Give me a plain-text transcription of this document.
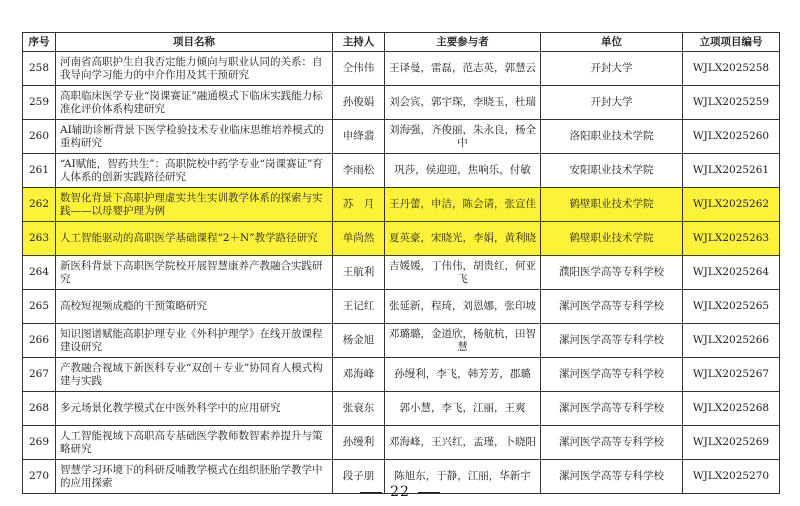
序号	项目名称	主持人	主要参与者	单位	立项项目编号
258	河南省高职护生自我否定能力倾向与职业认同的关系：自我导向学习能力的中介作用及其干预研究	仝伟伟	王译曼，雷磊，范志英，郭慧云	开封大学	WJLX2025258
259	高职临床医学专业“岗课赛证”融通模式下临床实践能力标准化评价体系构建研究	孙俊娟	刘会宾，郭宇琛，李晓玉，杜瑞	开封大学	WJLX2025259
260	AI辅助诊断背景下医学检验技术专业临床思维培养模式的重构研究	申绛翡	刘海强，齐俊丽，朱永良，杨全中	洛阳职业技术学院	WJLX2025260
261	“AI赋能，智药共生”：高职院校中药学专业“岗课赛证”育人体系的创新实践路径研究	李雨松	巩莎，侯迎迎，焦响乐，付敏	安阳职业技术学院	WJLX2025261
262	数智化背景下高职护理虚实共生实训教学体系的探索与实践——以母婴护理为例	苏　月	王丹蕾，申洁，陈会请，张宣佳	鹤壁职业技术学院	WJLX2025262
263	人工智能驱动的高职医学基础课程“2＋N”教学路径研究	单尚然	夏英豪，宋晓光，李娟，黄利晓	鹤壁职业技术学院	WJLX2025263
264	新医科背景下高职医学院校开展智慧康养产教融合实践研究	王航利	吉媛媛，丁伟伟，胡贵红，何亚飞	濮阳医学高等专科学校	WJLX2025264
265	高校短视频成瘾的干预策略研究	王记红	张延新，程琦，刘恩娜，张印坡	漯河医学高等专科学校	WJLX2025265
266	知识图谱赋能高职护理专业《外科护理学》在线开放课程建设研究	杨金旭	邓璐璐，金道欣，杨航杭，田智慧	漯河医学高等专科学校	WJLX2025266
267	产教融合视域下新医科专业“双创＋专业”协同育人模式构建与实践	邓海峰	孙缦利，李飞，韩芳芳，郡璐	漯河医学高等专科学校	WJLX2025267
268	多元场景化教学模式在中医外科学中的应用研究	张衰东	郭小慧，李飞，江丽，王爽	漯河医学高等专科学校	WJLX2025268
269	人工智能视域下高职高专基础医学教师数智素养提升与策略研究	孙缦利	邓海峰，王兴红，孟瑾，卜晓阳	漯河医学高等专科学校	WJLX2025269
270	智慧学习环境下的科研反哺教学模式在组织胚胎学教学中的应用探索	段子朋	陈旭东，于静，江丽，华新宇	漯河医学高等专科学校	WJLX2025270
22
